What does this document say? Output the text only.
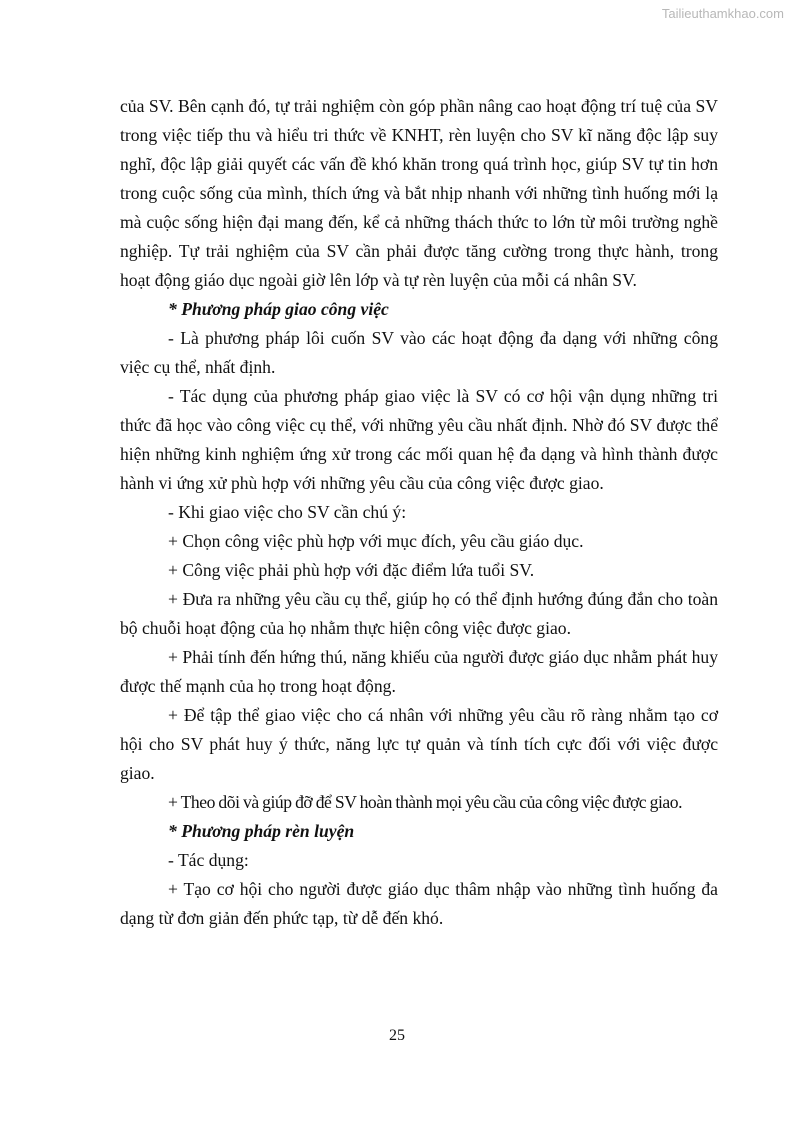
Tailieuthamkhao.com

của SV. Bên cạnh đó, tự trải nghiệm còn góp phần nâng cao hoạt động trí tuệ của SV trong việc tiếp thu và hiểu tri thức về KNHT, rèn luyện cho SV kĩ năng độc lập suy nghĩ, độc lập giải quyết các vấn đề khó khăn trong quá trình học, giúp SV tự tin hơn trong cuộc sống của mình, thích ứng và bắt nhịp nhanh với những tình huống mới lạ mà cuộc sống hiện đại mang đến, kể cả những thách thức to lớn từ môi trường nghề nghiệp. Tự trải nghiệm của SV cần phải được tăng cường trong thực hành, trong hoạt động giáo dục ngoài giờ lên lớp và tự rèn luyện của mỗi cá nhân SV.

* Phương pháp giao công việc

- Là phương pháp lôi cuốn SV vào các hoạt động đa dạng với những công việc cụ thể, nhất định.

- Tác dụng của phương pháp giao việc là SV có cơ hội vận dụng những tri thức đã học vào công việc cụ thể, với những yêu cầu nhất định. Nhờ đó SV được thể hiện những kinh nghiệm ứng xử trong các mối quan hệ đa dạng và hình thành được hành vi ứng xử phù hợp với những yêu cầu của công việc được giao.

- Khi giao việc cho SV cần chú ý:

+ Chọn công việc phù hợp với mục đích, yêu cầu giáo dục.

+ Công việc phải phù hợp với đặc điểm lứa tuổi SV.

+ Đưa ra những yêu cầu cụ thể, giúp họ có thể định hướng đúng đắn cho toàn bộ chuỗi hoạt động của họ nhằm thực hiện công việc được giao.

+ Phải tính đến hứng thú, năng khiếu của người được giáo dục nhằm phát huy được thế mạnh của họ trong hoạt động.

+ Để tập thể giao việc cho cá nhân với những yêu cầu rõ ràng nhằm tạo cơ hội cho SV phát huy ý thức, năng lực tự quản và tính tích cực đối với việc được giao.

+ Theo dõi và giúp đỡ để SV hoàn thành mọi yêu cầu của công việc được giao.

* Phương pháp rèn luyện

- Tác dụng:

+ Tạo cơ hội cho người được giáo dục thâm nhập vào những tình huống đa dạng từ đơn giản đến phức tạp, từ dễ đến khó.

25
